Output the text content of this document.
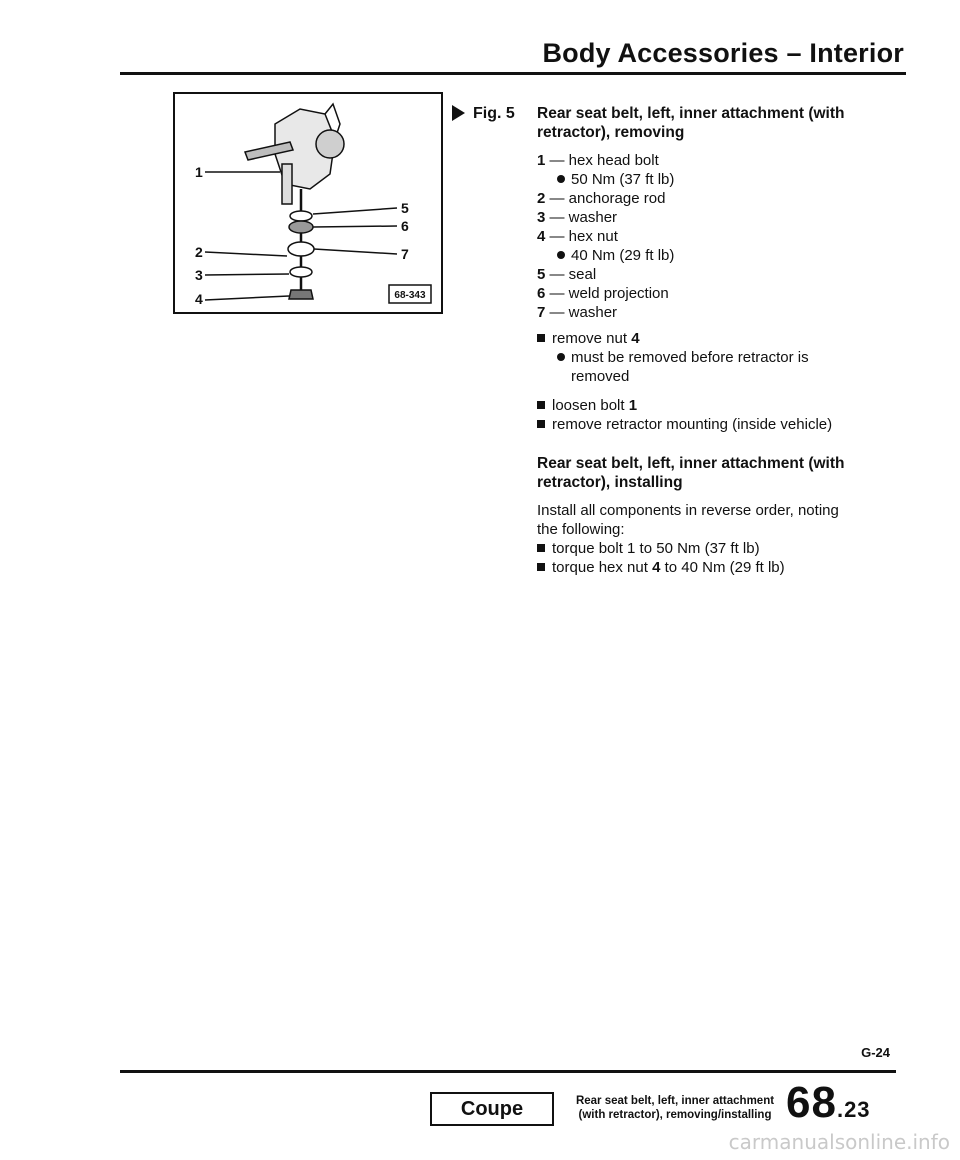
Body Accessories – Interior
1
2
3
4
5
6
7
68-343
Fig. 5 Rear seat belt, left, inner attachment (with retractor), removing
1 — hex head bolt
50 Nm (37 ft lb)
2 — anchorage rod
3 — washer
4 — hex nut
40 Nm (29 ft lb)
5 — seal
6 — weld projection
7 — washer
remove nut 4
must be removed before retractor is
removed
loosen bolt 1
remove retractor mounting (inside vehicle)
Rear seat belt, left, inner attachment (with retractor), installing
Install all components in reverse order, noting
the following:
torque bolt 1 to 50 Nm (37 ft lb)
torque hex nut 4 to 40 Nm (29 ft lb)
G-24
Coupe	Rear seat belt, left, inner attachment
(with retractor), removing/installing 68.23
carmanualsonline.info
